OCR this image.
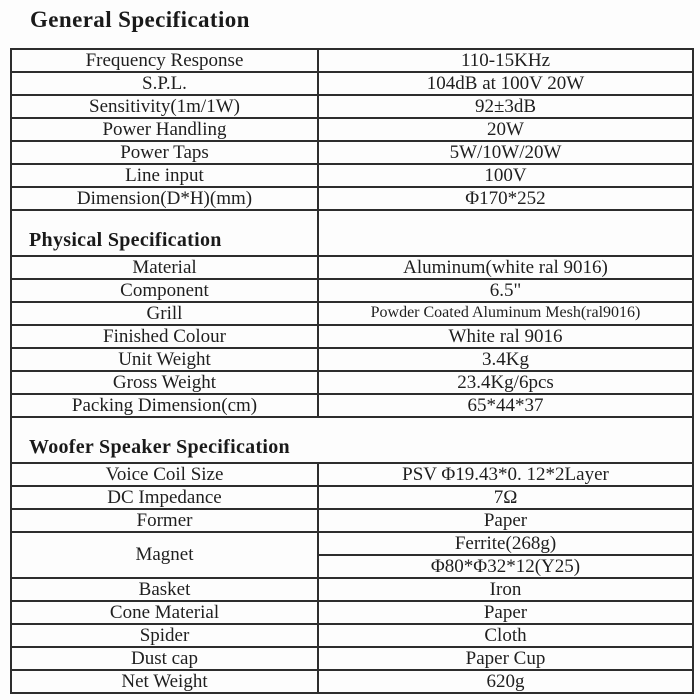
General Specification
Frequency Response	110-15KHz
S.P.L.	104dB at 100V 20W
Sensitivity(1m/1W)	92±3dB
Power Handling	20W
Power Taps	5W/10W/20W
Line input	100V
Dimension(D*H)(mm)	Φ170*252
Physical Specification	
Material	Aluminum(white ral 9016)
Component	6.5"
Grill	Powder Coated Aluminum Mesh(ral9016)
Finished Colour	White ral 9016
Unit Weight	3.4Kg
Gross Weight	23.4Kg/6pcs
Packing Dimension(cm)	65*44*37
Woofer Speaker Specification	
Voice Coil Size	PSV Φ19.43*0. 12*2Layer
DC Impedance	7Ω
Former	Paper
Magnet	Ferrite(268g)
	Φ80*Φ32*12(Y25)
Basket	Iron
Cone Material	Paper
Spider	Cloth
Dust cap	Paper Cup
Net Weight	620g
